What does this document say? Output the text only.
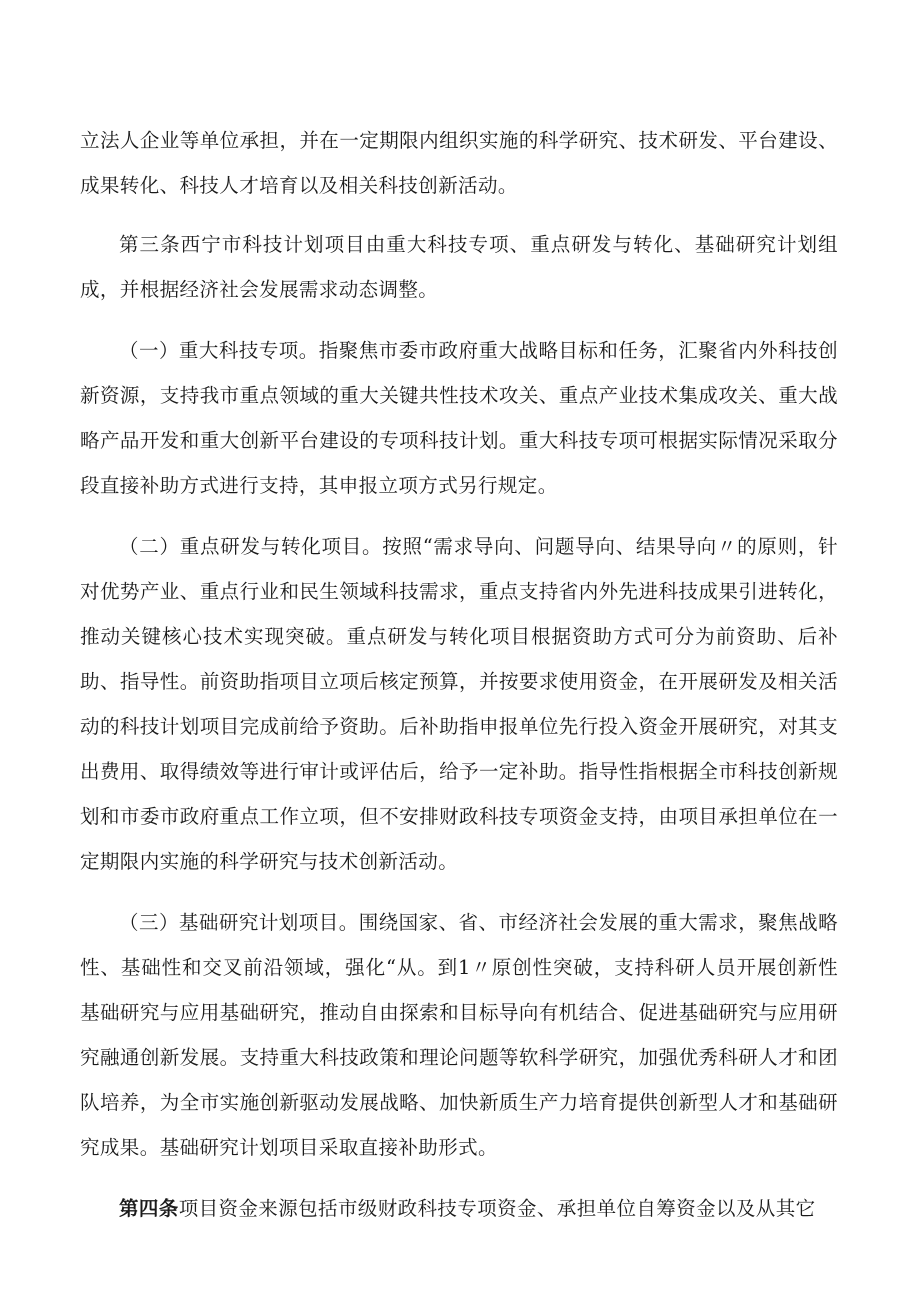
立法人企业等单位承担，并在一定期限内组织实施的科学研究、技术研发、平台建设、成果转化、科技人才培育以及相关科技创新活动。

第三条西宁市科技计划项目由重大科技专项、重点研发与转化、基础研究计划组成，并根据经济社会发展需求动态调整。

（一）重大科技专项。指聚焦市委市政府重大战略目标和任务，汇聚省内外科技创新资源，支持我市重点领域的重大关键共性技术攻关、重点产业技术集成攻关、重大战略产品开发和重大创新平台建设的专项科技计划。重大科技专项可根据实际情况采取分段直接补助方式进行支持，其申报立项方式另行规定。

（二）重点研发与转化项目。按照“需求导向、问题导向、结果导向〃的原则，针对优势产业、重点行业和民生领域科技需求，重点支持省内外先进科技成果引进转化，推动关键核心技术实现突破。重点研发与转化项目根据资助方式可分为前资助、后补助、指导性。前资助指项目立项后核定预算，并按要求使用资金，在开展研发及相关活动的科技计划项目完成前给予资助。后补助指申报单位先行投入资金开展研究，对其支出费用、取得绩效等进行审计或评估后，给予一定补助。指导性指根据全市科技创新规划和市委市政府重点工作立项，但不安排财政科技专项资金支持，由项目承担单位在一定期限内实施的科学研究与技术创新活动。

（三）基础研究计划项目。围绕国家、省、市经济社会发展的重大需求，聚焦战略性、基础性和交叉前沿领域，强化“从。到1〃原创性突破，支持科研人员开展创新性基础研究与应用基础研究，推动自由探索和目标导向有机结合、促进基础研究与应用研究融通创新发展。支持重大科技政策和理论问题等软科学研究，加强优秀科研人才和团队培养，为全市实施创新驱动发展战略、加快新质生产力培育提供创新型人才和基础研究成果。基础研究计划项目采取直接补助形式。

第四条项目资金来源包括市级财政科技专项资金、承担单位自筹资金以及从其它
